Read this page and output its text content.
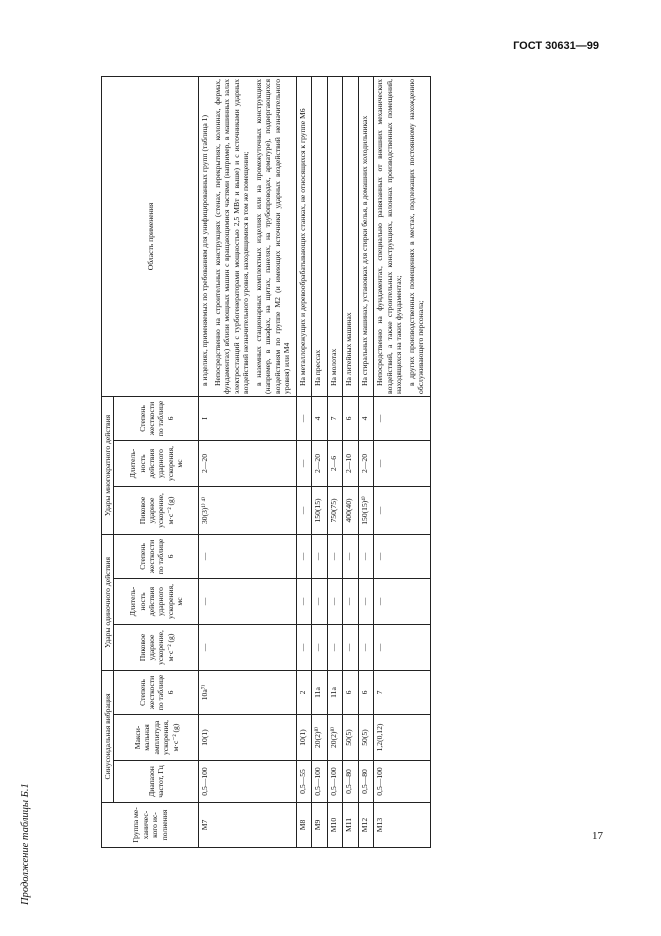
ГОСТ 30631—99
Продолжение таблицы Б.1	17
Группа ме-ханичес-кого ис-полнения	Синусоидальная вибрация			Удары одиночного действия			Удары многократного действия			Область применения
	Диапазон частот, Гц	Макси-мальная амплитуда ускорения, м·с⁻² (g)	Степень жесткости по таблице 6	Пиковое ударное ускорение, м·с⁻² (g)	Длитель-ность действия ударного ускорения, мс	Степень жесткости по таблице 6	Пиковое ударное ускорение, м·с⁻² (g)	Длитель-ность действия ударного ускорения, мс	Степень жесткости по таблице 6	
М7	0,5—100	10(1)	10а⁷⁾	—	—	—	30(3)¹⁾ ⁴⁾	2—20	I	в изделиях, применяемых по требованиям для унифицированных групп (таблица 1) Непосредственно на строительных конструкциях (стенах, перекрытиях, колоннах, фермах, фундаментах) вблизи мощных машин с вращающимися частями (например, в машинных залах электростанций с турбогенераторами мощностью 2,5 МВт и выше) и с источниками ударных воздействий незначительного уровня, находящимися в том же помещении; в наземных стационарных комплектных изделиях или на промежуточных конструкциях (например, в шкафах, на щитах, панелях, на трубопроводах, арматуре), подвергающихся воздействиям по группе М2 (и имеющих источники ударных воздействий незначительного уровня) или М4

М8	0,5—55	10(1)	2	—	—	—	—	—	—	На металлорежущих и деревообрабатывающих станках, не относящихся к группе М6

М9	0,5—100	20(2)⁸⁾	11а	—	—	—	150(15)	2—20	4	На прессах

М10	0,5—100	20(2)⁸⁾	11а	—	—	—	750(75)	2—6	7	На молотах

М11	0,5—80	50(5)	6	—	—	—	400(40)	2—10	6	На литейных машинах

М12	0,5—80	50(5)	6	—	—	—	150(15)⁴⁾	2—20	4	На стиральных машинах, установках для стирки белья, в домашних холодильниках

М13	0,5—100	1,2(0,12)	7	—	—	—	—	—	—	Непосредственно на фундаментах, специально развязанных от внешних механических воздействий, а также строительных конструкциях, колоннах производственных помещений, находящихся на таких фундаментах; в других производственных помещениях в местах, подлежащих постоянному нахождению обслуживающего персонала;
